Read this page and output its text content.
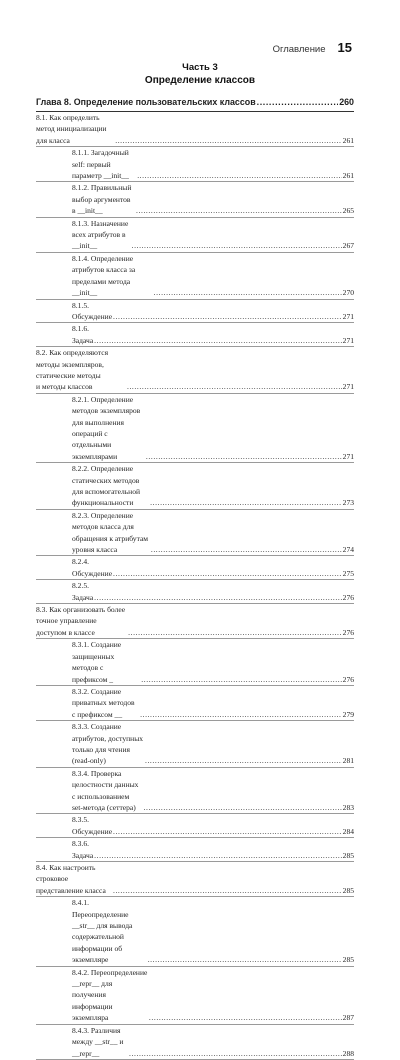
Оглавление 15
Часть 3
Определение классов
Глава 8. Определение пользовательских классов .....	260
8.1. Как определить метод инициализации для класса .....	261
8.1.1. Загадочный self: первый параметр __init__ .....	261
8.1.2. Правильный выбор аргументов в __init__ .....	265
8.1.3. Назначение всех атрибутов в __init__ .....	267
8.1.4. Определение атрибутов класса за пределами метода __init__ .....	270
8.1.5. Обсуждение .....	271
8.1.6. Задача .....	271
8.2. Как определяются методы экземпляров, статические методы
и методы классов .....	271
8.2.1. Определение методов экземпляров для выполнения
операций с отдельными экземплярами .....	271
8.2.2. Определение статических методов для вспомогательной
функциональности .....	273
8.2.3. Определение методов класса для обращения к атрибутам
уровня класса .....	274
8.2.4. Обсуждение .....	275
8.2.5. Задача .....	276
8.3. Как организовать более точное управление доступом в классе .....	276
8.3.1. Создание защищенных методов с префиксом _ .....	276
8.3.2. Создание приватных методов с префиксом __ .....	279
8.3.3. Создание атрибутов, доступных только для чтения
(read-only) .....	281
8.3.4. Проверка целостности данных с использованием
set-метода (сеттера) .....	283
8.3.5. Обсуждение .....	284
8.3.6. Задача .....	285
8.4. Как настроить строковое представление класса .....	285
8.4.1. Переопределение __str__ для вывода содержательной
информации об экземпляре .....	285
8.4.2. Переопределение __repr__ для получения информации
экземпляра .....	287
8.4.3. Различия между __str__ и __repr__ .....	288
